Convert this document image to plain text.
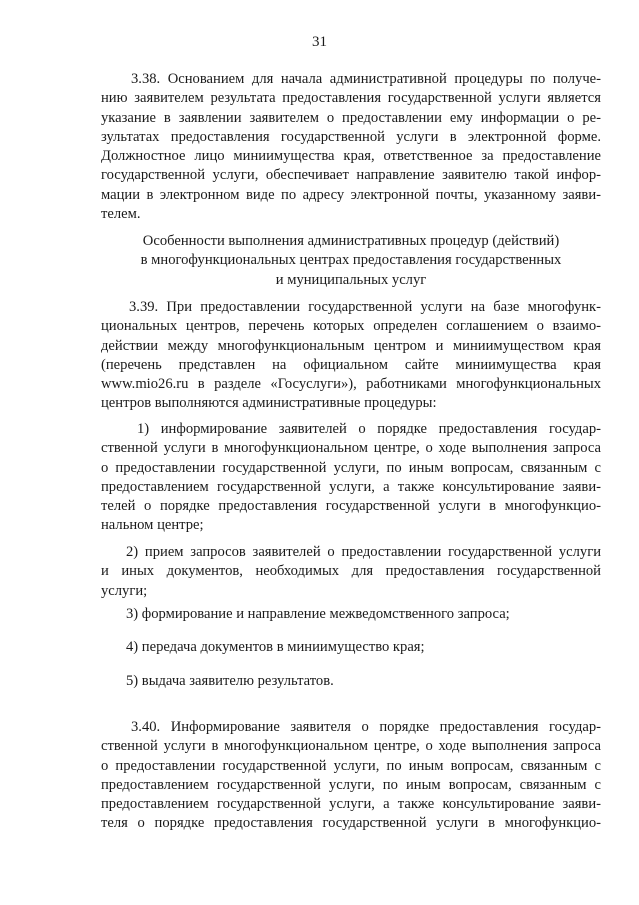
31
3.38. Основанием для начала административной процедуры по получе-
нию заявителем результата предоставления государственной услуги является
указание в заявлении заявителем о предоставлении ему информации о ре-
зультатах предоставления государственной услуги в электронной форме.
Должностное лицо миниимущества края, ответственное за предоставление
государственной услуги, обеспечивает направление заявителю такой инфор-
мации в электронном виде по адресу электронной почты, указанному заяви-
телем.
Особенности выполнения административных процедур (действий)
в многофункциональных центрах предоставления государственных
и муниципальных услуг
3.39. При предоставлении государственной услуги на базе многофунк-
циональных центров, перечень которых определен соглашением о взаимо-
действии между многофункциональным центром и миниимуществом края
(перечень представлен на официальном сайте миниимущества края
www.mio26.ru в разделе «Госуслуги»), работниками многофункциональных
центров выполняются административные процедуры:
1) информирование заявителей о порядке предоставления государ-
ственной услуги в многофункциональном центре, о ходе выполнения запроса
о предоставлении государственной услуги, по иным вопросам, связанным с
предоставлением государственной услуги, а также консультирование заяви-
телей о порядке предоставления государственной услуги в многофункцио-
нальном центре;
2) прием запросов заявителей о предоставлении государственной услуги
и иных документов, необходимых для предоставления государственной
услуги;
3) формирование и направление межведомственного запроса;
4) передача документов в миниимущество края;
5) выдача заявителю результатов.
3.40. Информирование заявителя о порядке предоставления государ-
ственной услуги в многофункциональном центре, о ходе выполнения запроса
о предоставлении государственной услуги, по иным вопросам, связанным с
предоставлением государственной услуги, по иным вопросам, связанным с
предоставлением государственной услуги, а также консультирование заяви-
теля о порядке предоставления государственной услуги в многофункцио-
